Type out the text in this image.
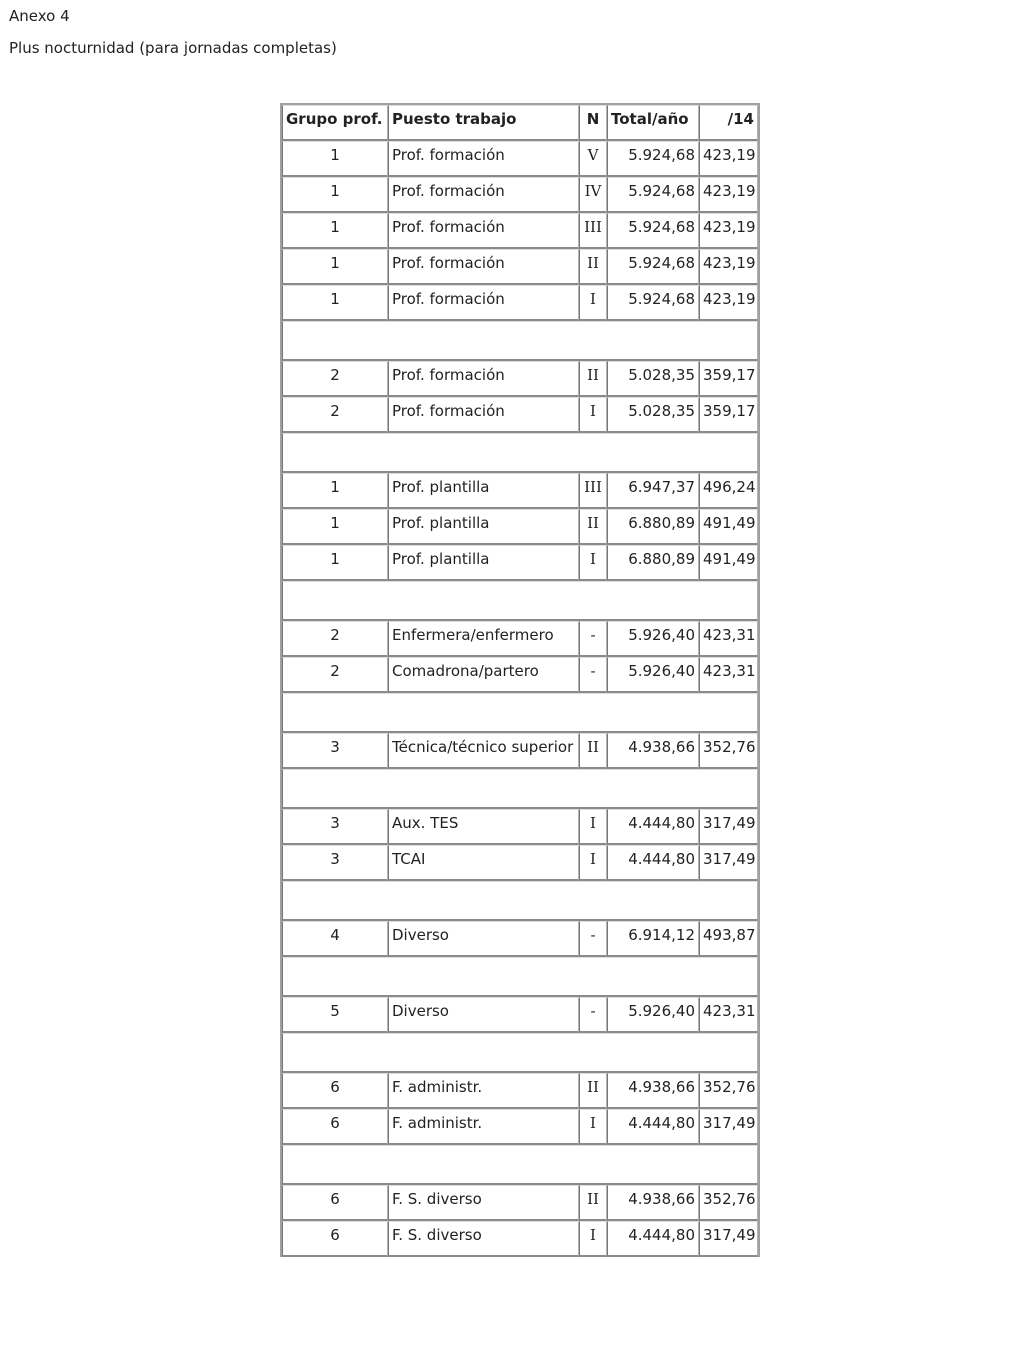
Anexo 4
Plus nocturnidad (para jornadas completas)
Grupo prof.	Puesto trabajo	N	Total/año	/14
1	Prof. formación	V	5.924,68	423,19
1	Prof. formación	IV	5.924,68	423,19
1	Prof. formación	III	5.924,68	423,19
1	Prof. formación	II	5.924,68	423,19
1	Prof. formación	I	5.924,68	423,19

2	Prof. formación	II	5.028,35	359,17
2	Prof. formación	I	5.028,35	359,17

1	Prof. plantilla	III	6.947,37	496,24
1	Prof. plantilla	II	6.880,89	491,49
1	Prof. plantilla	I	6.880,89	491,49

2	Enfermera/enfermero	-	5.926,40	423,31
2	Comadrona/partero	-	5.926,40	423,31

3	Técnica/técnico superior	II	4.938,66	352,76

3	Aux. TES	I	4.444,80	317,49
3	TCAI	I	4.444,80	317,49

4	Diverso	-	6.914,12	493,87

5	Diverso	-	5.926,40	423,31

6	F. administr.	II	4.938,66	352,76
6	F. administr.	I	4.444,80	317,49

6	F. S. diverso	II	4.938,66	352,76
6	F. S. diverso	I	4.444,80	317,49
